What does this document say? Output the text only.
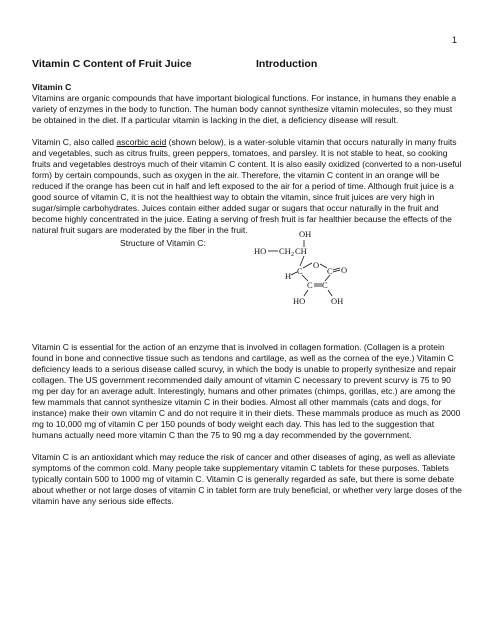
1
Vitamin C Content of Fruit Juice	Introduction
Vitamin C

Vitamins are organic compounds that have important biological functions. For instance, in humans they enable a variety of enzymes in the body to function. The human body cannot synthesize vitamin molecules, so they must be obtained in the diet. If a particular vitamin is lacking in the diet, a deficiency disease will result.

Vitamin C, also called ascorbic acid (shown below), is a water-soluble vitamin that occurs naturally in many fruits and vegetables, such as citrus fruits, green peppers, tomatoes, and parsley. It is not stable to heat, so cooking fruits and vegetables destroys much of their vitamin C content. It is also easily oxidized (converted to a non-useful form) by certain compounds, such as oxygen in the air. Therefore, the vitamin C content in an orange will be reduced if the orange has been cut in half and left exposed to the air for a period of time. Although fruit juice is a good source of vitamin C, it is not the healthiest way to obtain the vitamin, since fruit juices are very high in sugar/simple carbohydrates. Juices contain either added sugar or sugars that occur naturally in the fruit and become highly concentrated in the juice. Eating a serving of fresh fruit is far healthier because the effects of the natural fruit sugars are moderated by the fiber in the fruit.

Structure of Vitamin C:
OH
HO CH 2 CH
O
C	C O
H
C C
HO	OH

Vitamin C is essential for the action of an enzyme that is involved in collagen formation. (Collagen is a protein found in bone and connective tissue such as tendons and cartilage, as well as the cornea of the eye.) Vitamin C deficiency leads to a serious disease called scurvy, in which the body is unable to properly synthesize and repair collagen. The US government recommended daily amount of vitamin C necessary to prevent scurvy is 75 to 90 mg per day for an average adult. Interestingly, humans and other primates (chimps, gorillas, etc.) are among the few mammals that cannot synthesize vitamin C in their bodies. Almost all other mammals (cats and dogs, for instance) make their own vitamin C and do not require it in their diets. These mammals produce as much as 2000 mg to 10,000 mg of vitamin C per 150 pounds of body weight each day. This has led to the suggestion that humans actually need more vitamin C than the 75 to 90 mg a day recommended by the government.

Vitamin C is an antioxidant which may reduce the risk of cancer and other diseases of aging, as well as alleviate symptoms of the common cold. Many people take supplementary vitamin C tablets for these purposes. Tablets typically contain 500 to 1000 mg of vitamin C. Vitamin C is generally regarded as safe, but there is some debate about whether or not large doses of vitamin C in tablet form are truly beneficial, or whether very large doses of the vitamin have any serious side effects.
